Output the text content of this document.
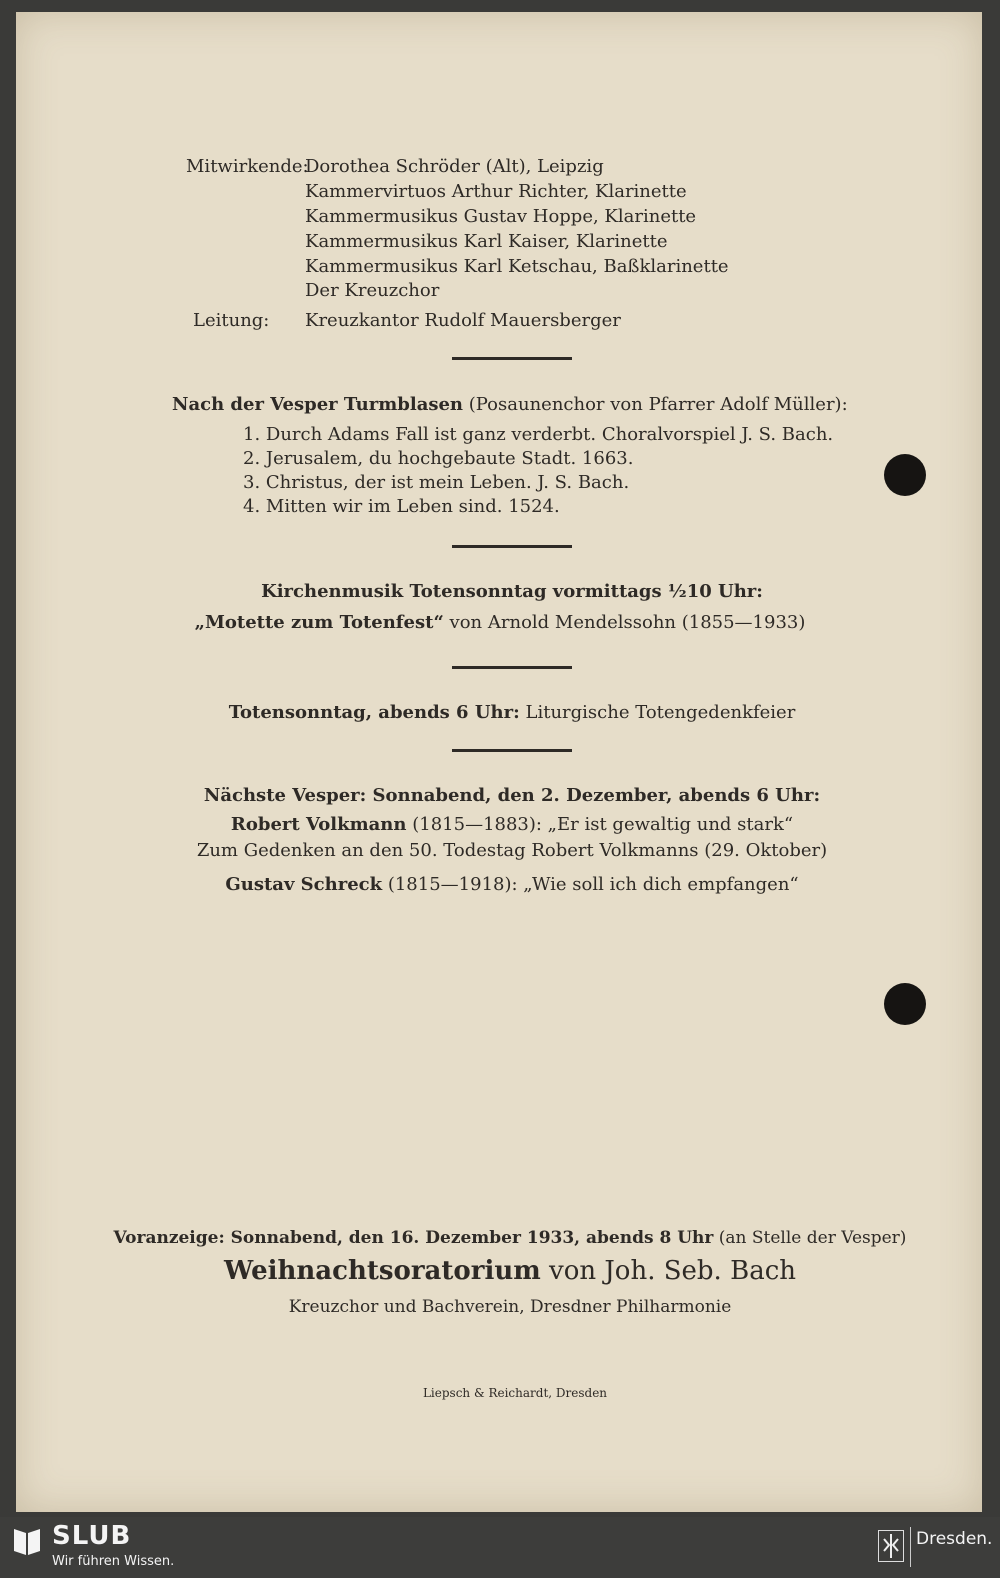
Mitwirkende:
Dorothea Schröder (Alt), Leipzig
Kammervirtuos Arthur Richter, Klarinette
Kammermusikus Gustav Hoppe, Klarinette
Kammermusikus Karl Kaiser, Klarinette
Kammermusikus Karl Ketschau, Baßklarinette
Der Kreuzchor
Leitung: Kreuzkantor Rudolf Mauersberger
Nach der Vesper Turmblasen (Posaunenchor von Pfarrer Adolf Müller):
1. Durch Adams Fall ist ganz verderbt. Choralvorspiel J. S. Bach.
2. Jerusalem, du hochgebaute Stadt. 1663.
3. Christus, der ist mein Leben. J. S. Bach.
4. Mitten wir im Leben sind. 1524.
Kirchenmusik Totensonntag vormittags ½10 Uhr:
„Motette zum Totenfest“ von Arnold Mendelssohn (1855—1933)
Totensonntag, abends 6 Uhr: Liturgische Totengedenkfeier
Nächste Vesper: Sonnabend, den 2. Dezember, abends 6 Uhr:
Robert Volkmann (1815—1883): „Er ist gewaltig und stark“
Zum Gedenken an den 50. Todestag Robert Volkmanns (29. Oktober)
Gustav Schreck (1815—1918): „Wie soll ich dich empfangen“
Voranzeige: Sonnabend, den 16. Dezember 1933, abends 8 Uhr (an Stelle der Vesper)
Weihnachtsoratorium von Joh. Seb. Bach
Kreuzchor und Bachverein, Dresdner Philharmonie
Liepsch & Reichardt, Dresden
SLUB
Wir führen Wissen.
Dresden.
